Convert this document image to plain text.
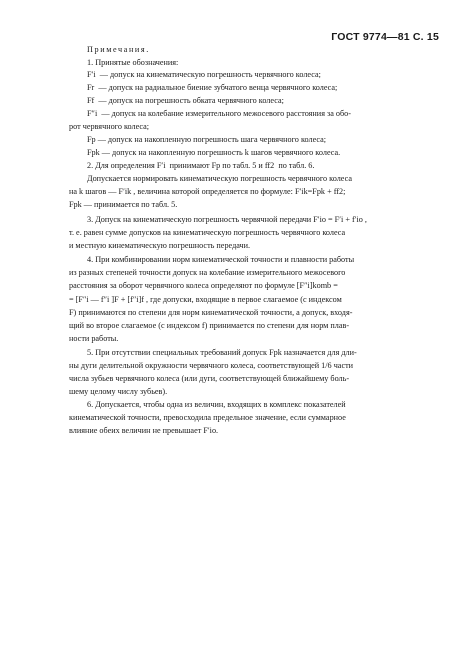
ГОСТ 9774—81 С. 15
Примечания.
1. Принятые обозначения:
F′i  — допуск на кинематическую погрешность червячного колеса;
Fr  — допуск на радиальное биение зубчатого венца червячного колеса;
Ff  — допуск на погрешность обката червячного колеса;
F″i  — допуск на колебание измерительного межосевого расстояния за обо-
рот червячного колеса;
Fp — допуск на накопленную погрешность шага червячного колеса;
Fpk — допуск на накопленную погрешность k шагов червячного колеса.
2. Для определения F′i  принимают Fp по табл. 5 и ff2  по табл. 6.
Допускается нормировать кинематическую погрешность червячного колеса
на k шагов — F′ik , величина которой определяется по формуле: F′ik=Fpk + ff2;
Fpk — принимается по табл. 5.
3. Допуск на кинематическую погрешность червячной передачи F′io = F′i + f′io ,
т. е. равен сумме допусков на кинематическую погрешность червячного колеса
и местную кинематическую погрешность передачи.
4. При комбинировании норм кинематической точности и плавности работы
из разных степеней точности допуск на колебание измерительного межосевого
расстояния за оборот червячного колеса определяют по формуле [F″i]komb =
= [F″i — f″i ]F + [f″i]f , где допуски, входящие в первое слагаемое (с индексом
F) принимаются по степени для норм кинематической точности, а допуск, входя-
щий во второе слагаемое (с индексом f) принимается по степени для норм плав-
ности работы.
5. При отсутствии специальных требований допуск Fpk назначается для дли-
ны дуги делительной окружности червячного колеса, соответствующей 1/6 части
числа зубьев червячного колеса (или дуги, соответствующей ближайшему боль-
шему целому числу зубьев).
6. Допускается, чтобы одна из величин, входящих в комплекс показателей
кинематической точности, превосходила предельное значение, если суммарное
влияние обеих величин не превышает F′io.
